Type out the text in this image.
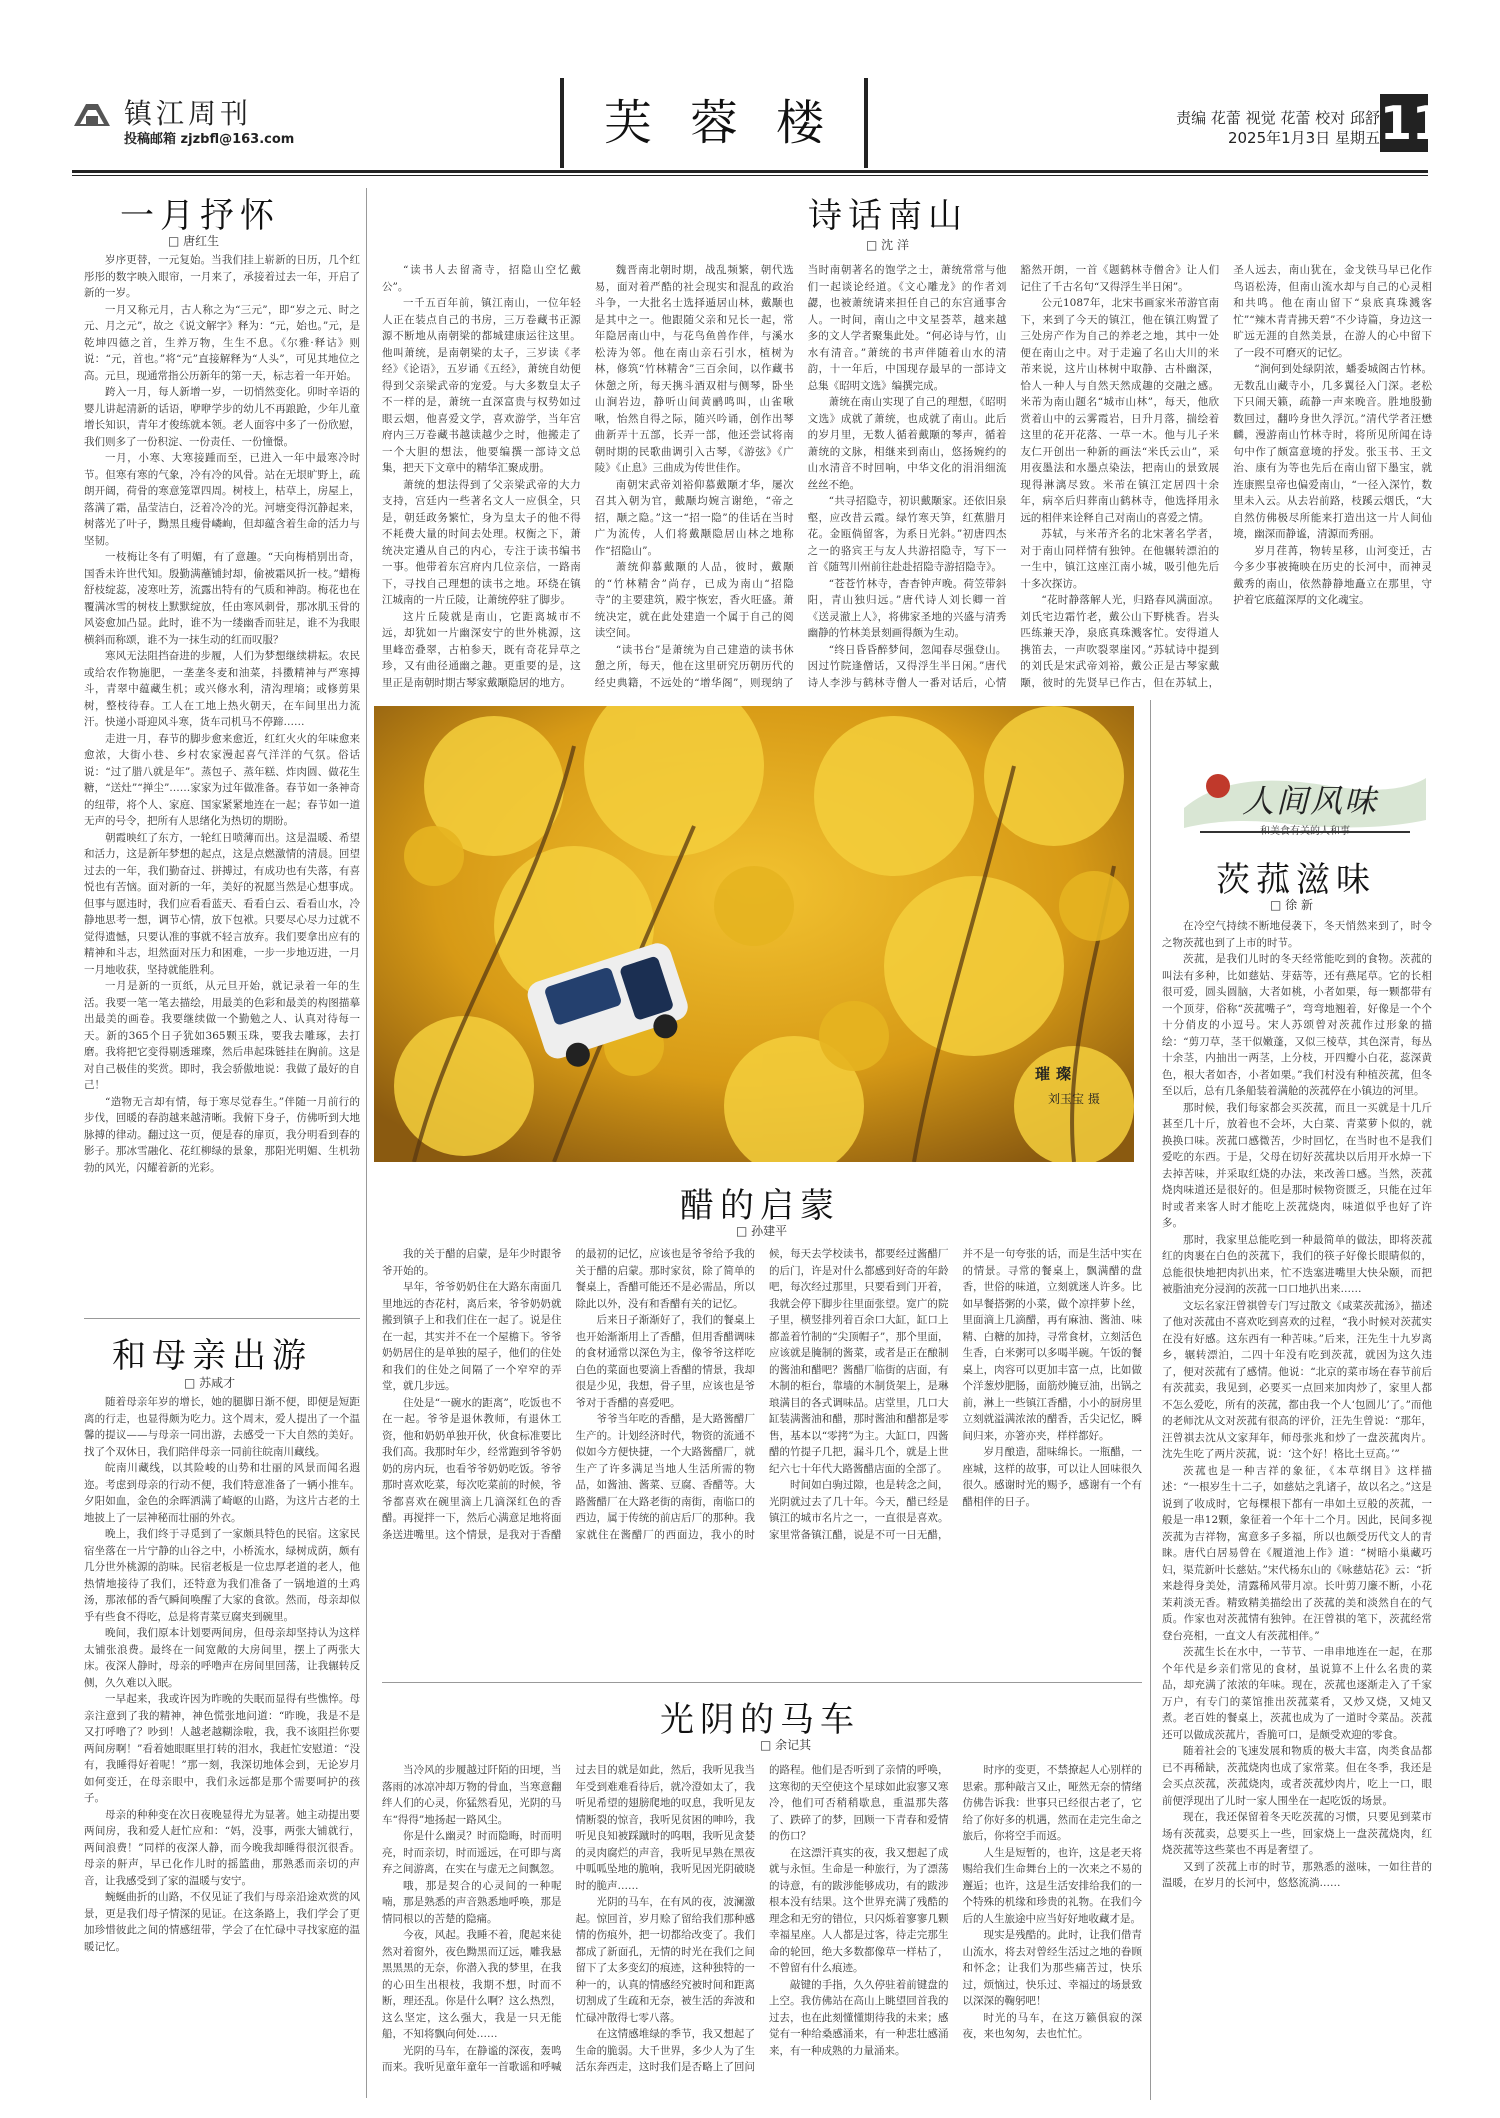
镇江周刊
投稿邮箱 zjzbfl@163.com	芙蓉楼	责编 花蕾 视觉 花蕾 校对 邱舒
2025年1月3日 星期五 11
一月抒怀
□ 唐红生

岁序更替，一元复始。当我们挂上崭新的日历，几个红彤彤的数字映入眼帘，一月来了，承接着过去一年，开启了新的一岁。

一月又称元月，古人称之为“三元”，即“岁之元、时之元、月之元”，故之《说文解字》释为：“元，始也。”元，是乾坤四德之首，生养万物，生生不息。《尔雅·释诂》则说：“元，首也。”将“元”直接解释为“人头”，可见其地位之高。元旦，现通常指公历新年的第一天，标志着一年开始。

跨入一月，每人新增一岁，一切悄然变化。卯时辛语的婴儿讲起清新的话语，咿咿学步的幼儿不再踉跄，少年儿童增长知识，青年才俊练就本领。老人面容中多了一份欣慰，我们则多了一份积淀、一份责任、一份憧憬。

一月，小寒、大寒接踵而至，已进入一年中最寒冷时节。但寒有寒的气象，冷有冷的风骨。站在无垠旷野上，疏朗开阔，荷骨的寒意笼罩四周。树枝上，枯草上，房屋上，落满了霜，晶莹洁白，泛着冷冷的光。河塘变得沉静起来，树落光了叶子，黝黑且瘦骨嶙峋，但却蕴含着生命的活力与坚韧。

一枝梅让冬有了明媚，有了意趣。“天向梅梢别出奇，国香未许世代知。殷勤满蘸铺封却，偷被霜风折一枝。”蜡梅舒枝绽蕊，凌寒吐芳，流露出特有的气质和神韵。梅花也在覆满冰雪的树枝上默默绽放，任由寒风刺骨，那冰肌玉骨的风姿愈加凸显。此时，谁不为一缕幽香而驻足，谁不为我眼横斜而称颂，谁不为一抹生动的红而叹服？

寒风无法阻挡奋进的步履，人们为梦想继续耕耘。农民或给农作物施肥，一垄垄冬麦和油菜，抖擞精神与严寒搏斗，青翠中蕴藏生机；或兴修水利，清沟理墒；或修剪果树，整枝待春。工人在工地上热火朝天，在车间里出力流汗。快递小哥迎风斗寒，货车司机马不停蹄……

走进一月，春节的脚步愈来愈近，红红火火的年味愈来愈浓，大街小巷、乡村农家漫起喜气洋洋的气氛。俗话说：“过了腊八就是年”。蒸包子、蒸年糕、炸肉圆、做花生糖，“送灶”“掸尘”……家家为过年做准备。春节如一条神奇的纽带，将个人、家庭、国家紧紧地连在一起；春节如一道无声的号令，把所有人思绪化为热切的期盼。

朝霞映红了东方，一轮红日喷薄而出。这是温暖、希望和活力，这是新年梦想的起点，这是点燃激情的清晨。回望过去的一年，我们勤奋过、拼搏过，有成功也有失落，有喜悦也有苦恼。面对新的一年，美好的祝愿当然是心想事成。但事与愿违时，我们应看看蓝天、看看白云、看看山水，冷静地思考一想，调节心情，放下包袱。只要尽心尽力过就不觉得遗憾，只要认准的事就不轻言放弃。我们要拿出应有的精神和斗志，坦然面对压力和困难，一步一步地迈进，一月一月地收获，坚持就能胜利。

一月是新的一页纸，从元旦开始，就记录着一年的生活。我要一笔一笔去描绘，用最美的色彩和最美的构图描摹出最美的画卷。我要继续做一个勤勉之人、认真对待每一天。新的365个日子犹如365颗玉珠，要我去雕琢，去打磨。我将把它变得剔透璀璨，然后串起珠链挂在胸前。这是对自己极佳的奖赏。即时，我会骄傲地说：我做了最好的自己！

“造物无言却有情，每于寒尽觉春生。”伴随一月前行的步伐，回暖的春韵越来越清晰。我俯下身子，仿佛听到大地脉搏的律动。翻过这一页，便是春的扉页，我分明看到春的影子。那冰雪融化、花红柳绿的景象，那阳光明媚、生机勃勃的风光，闪耀着新的光彩。

和母亲出游
□ 苏咸才

随着母亲年岁的增长，她的腿脚日渐不便，即便是短距离的行走，也显得颇为吃力。这个周末，爱人提出了一个温馨的提议——与母亲一同出游，去感受一下大自然的美好。找了个双休日，我们陪伴母亲一同前往皖南川藏线。

皖南川藏线，以其险峻的山势和壮丽的风景而闻名遐迩。考虑到母亲的行动不便，我们特意准备了一辆小推车。夕阳如血，金色的余晖洒满了崎岖的山路，为这片古老的土地披上了一层神秘而壮丽的外衣。

晚上，我们终于寻觅到了一家颇具特色的民宿。这家民宿坐落在一片宁静的山谷之中，小桥流水，绿树成荫，颇有几分世外桃源的韵味。民宿老板是一位忠厚老道的老人，他热情地接待了我们，还特意为我们准备了一锅地道的土鸡汤，那浓郁的香气瞬间唤醒了大家的食欲。然而，母亲却似乎有些食不得吃，总是将青菜豆腐夹到碗里。

晚间，我们原本计划要两间房，但母亲却坚持认为这样太铺张浪费。最终在一间宽敞的大房间里，摆上了两张大床。夜深人静时，母亲的呼噜声在房间里回荡，让我辗转反侧，久久难以入眠。

一早起来，我或许因为昨晚的失眠而显得有些憔悴。母亲注意到了我的精神，神色慌张地问道：“昨晚，我是不是又打呼噜了？吵到！人越老越糊涂啦，我，我不该阻拦你要两间房啊！”看着她眼眶里打转的泪水，我赶忙安慰道：“没有，我睡得好着呢！”那一刻，我深切地体会到，无论岁月如何变迁，在母亲眼中，我们永远都是那个需要呵护的孩子。

母亲的种种变在次日夜晚显得尤为显著。她主动提出要两间房，我和爱人赶忙应和：“妈，没事，两张大铺就行，两间浪费！”同样的夜深人静，而今晚我却睡得很沉很香。母亲的鼾声，早已化作儿时的摇篮曲，那熟悉而亲切的声音，让我感受到了家的温暖与安宁。

蜿蜒曲折的山路，不仅见证了我们与母亲沿途欢赏的风景，更是我们母子情深的见证。在这条路上，我们学会了更加珍惜彼此之间的情感纽带，学会了在忙碌中寻找家庭的温暖记忆。

诗话南山
□ 沈 洋

“读书人去留斋寺，招隐山空忆戴公”。

一千五百年前，镇江南山，一位年轻人正在装点自己的书房，三万卷藏书正源源不断地从南朝梁的都城建康运往这里。他叫萧统，是南朝梁的太子，三岁读《孝经》《论语》，五岁诵《五经》，萧统自幼便得到父亲梁武帝的宠爱。与大多数皇太子不一样的是，萧统一直深富贵与权势如过眼云烟，他喜爱文学，喜欢游学，当年宫府内三万卷藏书越读越少之时，他搬走了一个大胆的想法，他要编撰一部诗文总集，把天下文章中的精华汇聚成册。

萧统的想法得到了父亲梁武帝的大力支持，宫廷内一些著名文人一应俱全，只是，朝廷政务繁忙，身为皇太子的他不得不耗费大量的时间去处理。权衡之下，萧统决定遴从自己的内心，专注于读书编书一事。他带着东宫府内几位亲信，一路南下，寻找自己理想的读书之地。环绕在镇江城南的一片丘陵，让萧统停驻了脚步。

这片丘陵就是南山，它距离城市不远，却犹如一片幽深安宁的世外桃源，这里峰峦叠翠，古柏参天，既有奇花异草之珍，又有曲径通幽之趣。更重要的是，这里正是南朝时期古琴家戴颙隐居的地方。

魏晋南北朝时期，战乱频繁，朝代选易，面对着严酷的社会现实和混乱的政治斗争，一大批名士选择遁居山林，戴颙也是其中之一。他跟随父亲和兄长一起，常年隐居南山中，与花鸟鱼兽作伴，与溪水松涛为邻。他在南山亲石引水，植树为林，修筑“竹林精舍”三百余间，以作藏书休憩之所，每天携斗酒双柑与侧琴，卧坐山涧岩边，静听山间黄鹂鸣叫，山雀啾啾，怡然自得之际，随兴吟诵，创作出琴曲新弄十五部，长弄一部，他还尝试将南朝时期的民歌曲调引入古琴，《游弦》《广陵》《止息》三曲成为传世佳作。

南朝宋武帝刘裕仰慕戴颙才华，屡次召其入朝为官，戴颙均婉言谢绝，“帝之招，颙之隐。”这一“招一隐”的佳话在当时广为流传，人们将戴颙隐居山林之地称作“招隐山”。

萧统仰慕戴颙的人品，彼时，戴颙的“竹林精舍”尚存，已成为南山“招隐寺”的主要建筑，殿宇恢宏，香火旺盛。萧统决定，就在此处建造一个属于自己的阅读空间。

“读书台”是萧统为自己建造的读书休憩之所，每天，他在这里研究历朝历代的经史典籍，不远处的“增华阁”，则现纳了当时南朝著名的饱学之士，萧统常常与他们一起谈论经道。《文心雕龙》的作者刘勰，也被萧统请来担任自己的东宫通事舍人。一时间，南山之中文星荟萃，越来越多的文人学者聚集此处。“何必诗与竹，山水有清音。”萧统的书声伴随着山水的清韵，十一年后，中国现存最早的一部诗文总集《昭明文选》编撰完成。

萧统在南山实现了自己的理想，《昭明文选》成就了萧统，也成就了南山。此后的岁月里，无数人循着戴颙的琴声，循着萧统的文脉，相继来到南山，悠扬婉约的山水清音不时回响，中华文化的涓涓细流丝丝不绝。

“共寻招隐寺，初识戴颙家。还依旧泉壑，应改昔云霞。绿竹寒天笋，红蕉腊月花。金瓯倘留客，为系日光斜。”初唐四杰之一的骆宾王与友人共游招隐寺，写下一首《随驾川州前往赴赴招隐寺游招隐寺》。

“苍苍竹林寺，杳杳钟声晚。荷笠带斜阳，青山独归远。”唐代诗人刘长卿一首《送灵澈上人》，将佛家圣地的兴盛与清秀幽静的竹林美景刻画得颇为生动。

“终日昏昏醉梦间，忽闻春尽强登山。因过竹院逢僧话，又得浮生半日闲。”唐代诗人李涉与鹤林寺僧人一番对话后，心情豁然开朗，一首《题鹤林寺僧舍》让人们记住了千古名句“又得浮生半日闲”。

公元1087年，北宋书画家米芾游官南下，来到了今天的镇江，他在镇江购置了三处房产作为自己的养老之地，其中一处便在南山之中。对于走遍了名山大川的米芾来说，这片山林树中取静、古朴幽深，恰人一种人与自然天然成趣的交融之感。米芾为南山题名“城市山林”，每天，他欣赏着山中的云雾霞岩，日升月落，揣绘着这里的花开花落、一草一木。他与儿子米友仁开创出一种新的画法“米氏云山”，采用夜墨法和水墨点染法，把南山的景致展现得淋漓尽致。米芾在镇江定居四十余年，病卒后归葬南山鹤林寺，他选择用永远的相伴来诠释自己对南山的喜爱之情。

苏轼，与米芾齐名的北宋著名学者，对于南山同样情有独钟。在他辗转漂泊的一生中，镇江这座江南小城，吸引他先后十多次探访。

“花时静落解人光，归路春风满面凉。刘氏宅边霜竹老，戴公山下野桃香。岩头匹练兼天净，泉底真珠溅客忙。安得道人携笛去，一声吹裂翠崖冈。”苏轼诗中提到的刘氏是宋武帝刘裕，戴公正是古琴家戴颙，彼时的先贤早已作古，但在苏轼上，圣人远去，南山犹在，金戈铁马早已化作鸟语松涛，但南山流水却与自己的心灵相和共鸣。他在南山留下“泉底真珠溅客忙”“辣木青青拂天碧”不少诗篇，身边这一旷远无涯的自然美景，在游人的心中留下了一段不可磨灭的记忆。

“涧何到处绿阴浓，蟠委城阁古竹林。无数乱山藏寺小，几多翼径入门深。老松下只闹天籁，疏静一声来晚音。胜地殷勤数回过，翻吟身世久浮沉。”清代学者汪懋麟，漫游南山竹林寺时，将所见所闻在诗句中作了颇富意境的抒发。张玉书、王文治、康有为等也先后在南山留下墨宝，就连康熙皇帝也偏爱南山，“一径入深竹，数里未入云。从去岩前路，枝蹊云烟氏，“大自然仿佛极尽所能来打造出这一片人间仙境，幽深而静谧，清源而秀丽。

岁月荏苒，物转星移，山河变迁，古今多少事被掩映在历史的长河中，而神灵戴秀的南山，依然静静地矗立在那里，守护着它底蕴深厚的文化魂宝。

璀璨
刘玉宝 摄
人间风味
和美食有关的人和事
茨菰滋味
□ 徐 新

在冷空气持续不断地侵袭下，冬天悄然来到了，时令之物茨菰也到了上市的时节。

茨菰，是我们儿时的冬天经常能吃到的食物。茨菰的叫法有多种，比如慈姑、芽菇等，还有燕尾草。它的长相很可爱，圆头圆脑，大者如桃，小者如栗，每一颗都带有一个顶芽，俗称“茨菰嘴子”，弯弯地翘着，好像是一个个十分俏皮的小逗号。宋人苏颂曾对茨菰作过形象的描绘：“剪刀草，茎干似嫩蓬，又似三棱草，其色深青，每丛十余茎，内抽出一两茎，上分枝，开四瓣小白花，蕊深黄色，根大者如杏，小者如栗。”我们村没有种植茨菰，但冬至以后，总有几条船装着满舱的茨菰停在小镇边的河里。

那时候，我们每家都会买茨菰，而且一买就是十几斤甚至几十斤，放着也不会坏，大白菜、青菜萝卜似的，就换换口味。茨菰口感微苦，少时回忆，在当时也不是我们爱吃的东西。于是，父母在切好茨菰块以后用开水焯一下去掉苦味，并采取红烧的办法，来改善口感。当然，茨菰烧肉味道还是很好的。但是那时候物资匮乏，只能在过年时或者来客人时才能吃上茨菰烧肉，味道似乎也好了许多。

那时，我家里总能吃到一种最简单的做法，即将茨菰红的肉裹在白色的茨菰下，我们的筷子好像长眼睛似的，总能很快地把肉扒出来，忙不迭塞进嘴里大快朵颐，而把被脂油充分浸润的茨菰一口口地扒出来……

文坛名家汪曾祺曾专门写过散文《咸菜茨菰汤》，描述了他对茨菰由不喜欢吃到喜欢的过程，“我小时候对茨菰实在没有好感。这东西有一种苦味。”后来，汪先生十九岁离乡，辗转漂泊，二四十年没有吃到茨菰，就因为这久违了，便对茨菰有了感情。他说：“北京的菜市场在春节前后有茨菰卖，我见到，必要买一点回来加肉炒了，家里人都不怎么爱吃，所有的茨菰，都由我一个人‘包圆儿’了。”而他的老师沈从文对茨菰有很高的评价，汪先生曾说：“那年，汪曾祺去沈从文家拜年，师母张兆和炒了一盘茨菰肉片。沈先生吃了两片茨菰，说：‘这个好！格比土豆高。’”

茨菰也是一种吉祥的象征，《本草纲目》这样描述：“一根岁生十二子，如慈姑之乳诸子，故以名之。”这是说到了收成时，它每棵根下都有一串如土豆般的茨菰，一般是一串12颗，象征着一个年十二个月。因此，民间多视茨菰为吉祥物，寓意多子多福，所以也颇受历代文人的青睐。唐代白居易曾在《履道池上作》道：“树暗小巢藏巧妇，渠荒新叶长慈姑。”宋代杨东山的《咏慈姑花》云：“折来趁得身美处，清露稀风带月凉。长叶剪刀廉不断，小花茉莉淡无香。精致精美描绘出了茨菰的美和淡然自在的气质。作家也对茨菰情有独钟。在汪曾祺的笔下，茨菰经常登台亮相，一直文人有茨菰相伴。”

茨菰生长在水中，一节节、一串串地连在一起，在那个年代是乡亲们常见的食材，虽说算不上什么名贵的菜品，却充满了浓浓的年味。现在，茨菰也逐渐走入了千家万户，有专门的菜馆推出茨菰菜肴，又炒又烧，又炖又煮。老百姓的餐桌上，茨菰也成为了一道时令菜品。茨菰还可以做成茨菰片，香脆可口，是颇受欢迎的零食。

随着社会的飞速发展和物质的极大丰富，肉类食品都已不再稀缺，茨菰烧肉也成了家常菜。但在冬季，我还是会买点茨菰，茨菰烧肉，或者茨菰炒肉片，吃上一口，眼前便浮现出了儿时一家人围坐在一起吃饭的场景。

现在，我还保留着冬天吃茨菰的习惯，只要见到菜市场有茨菰卖，总要买上一些，回家烧上一盘茨菰烧肉，红烧茨菰等这些菜也不再是奢望了。

又到了茨菰上市的时节，那熟悉的滋味，一如往昔的温暖，在岁月的长河中，悠悠流淌……

醋的启蒙
□ 孙建平

我的关于醋的启蒙，是年少时跟爷爷开始的。

早年，爷爷奶奶住在大路东南面几里地远的杏花村，离后来，爷爷奶奶就搬到镇子上和我们住在一起了。说是住在一起，其实并不在一个屋檐下。爷爷奶奶居住的是单独的屋子，他们的住处和我们的住处之间隔了一个窄窄的弄堂，就几步远。

住处是“一碗水的距离”，吃饭也不在一起。爷爷是退休教师，有退休工资，他和奶奶单独开伙，伙食标准要比我们高。我那时年少，经常跑到爷爷奶奶的房内玩，也看爷爷奶奶吃饭。爷爷那时喜欢吃菜，每次吃菜前的时候，爷爷都喜欢在碗里滴上几滴深红色的香醋。再搅拌一下，然后心满意足地将面条送进嘴里。这个情景，是我对于香醋的最初的记忆，应该也是爷爷给予我的关于醋的启蒙。那时家贫，除了简单的餐桌上，香醋可能还不是必需品，所以除此以外，没有和香醋有关的记忆。

后来日子渐渐好了，我们的餐桌上也开始渐渐用上了香醋，但用香醋调味的食材通常以深色为主，像爷爷这样吃白色的菜面也要滴上香醋的情景，我却很是少见，我想，骨子里，应该也是爷爷对于香醋的喜爱吧。

爷爷当年吃的香醋，是大路酱醋厂生产的。计划经济时代，物资的流通不似如今方便快捷，一个大路酱醋厂，就生产了许多满足当地人生活所需的物品，如酱油、酱菜、豆腐、香醋等。大路酱醋厂在大路老街的南街，南临口的西边，属于传统的前店后厂的那种。我家就住在酱醋厂的西面边，我小的时候，每天去学校读书，都要经过酱醋厂的后门，许是对什么都感到好奇的年龄吧，每次经过那里，只要看到门开着，我就会停下脚步往里面张望。宽广的院子里，横竖排列着百余口大缸，缸口上都盖着竹制的“尖顶帽子”，那个里面，应该就是腌制的酱菜，或者是正在酿制的酱油和醋吧？酱醋厂临街的店面，有木制的柜台，靠墙的木制货架上，是琳琅满目的各式调味品。店堂里，几口大缸装满酱油和醋，那时酱油和醋都是零售，基本以“零拷”为主。大缸口，四酱醋的竹提子几把，漏斗几个，就是上世纪六七十年代大路酱醋店面的全部了。

时间如白驹过隙，也是转念之间，光阴就过去了几十年。今天，醋已经是镇江的城市名片之一，一直很是喜欢。家里常备镇江醋，说是不可一日无醋，并不是一句夸张的话，而是生活中实在的情景。寻常的餐桌上，飘满醋的盘香，世俗的味道，立刻就迷人许多。比如早餐搭粥的小菜，做个凉拌萝卜丝，里面滴上几滴醋，再有麻油、酱油、味精、白糖的加持，寻常食材，立刻活色生香，白米粥可以多喝半碗。午饭的餐桌上，肉容可以更加丰富一点，比如做个洋葱炒肥肠，面筋炒腌豆油，出锅之前，淋上一些镇江香醋，小小的厨房里立刻就溢满浓浓的醋香，舌尖记忆，瞬间归来，亦箸亦夹，样样都好。

岁月酿造，甜味绵长。一瓶醋，一座城，这样的故事，可以让人回味很久很久。感谢时光的赐予，感谢有一个有醋相伴的日子。

光阴的马车
□ 余记其

当冷风的步履越过阡陌的田埂，当落雨的冰凉冲却万物的骨血，当寒意翻绊人们的心灵，你猛然看见，光阴的马车“得得”地扬起一路风尘。

你是什么幽灵？时而隐晦，时而明亮，时而亲切，时而遥远，在可即与离弃之间游离，在实在与虚无之间飘忽。

哦，那是契合的心灵间的一种呢喃，那是熟悉的声音熟悉地呼唤，那是情同根以的苦楚的隐痛。

今夜，风起。我睡不着，爬起来徒然对着窗外，夜色黝黑而辽远，雕我悬黑黑黑的无奈，你潜入我的梦里，在我的心田生出根枝，我期不想，时而不断，理还乱。你是什么啊？这么热烈，这么坚定，这么强大，我是一只无能船，不知将飘向何处……

光阴的马车，在静谧的深夜，轰鸣而来。我听见童年童年一首歌谣和呼喊过去目的就是如此，然后，我听见我当年受到难难看待后，就冷澄如太了，我听见希望的翅膀爬地的叹息，我听见友情断裂的惊音，我听见贫困的呻吟，我听见良知被踩蹴时的呜咽，我听见贪婪的灵肉腐烂的声音，我听见早熟在黑夜中呱呱坠地的脆响，我听见因光阴破晓时的脆声……

光阴的马车，在有风的夜，波澜激起。惊回首，岁月赊了留给我们那种感情的伤痕外，把一切都给改变了。我们都成了新面孔，无情的时光在我们之间留下了太多变幻的痕迹，这种独特的一种一的，认真的情感经究被时间和距离切割成了生疏和无奈，被生活的奔波和忙碌冲散得七零八落。

在这情感堆绿的季节，我又想起了生命的脆弱。大千世界，多少人为了生活东奔西走，这时我们是否略上了回问的路程。他们是否听到了亲情的呼唤，这寒彻的天空使这个星球如此寂寥又寒冷，他们可否稍稍歇息，重温那失落了、跌碎了的梦，回顾一下青春和爱情的伤口？

在这漂汗真实的夜，我又想起了成就与永恒。生命是一种旅行，为了漂荡的诗意，有的跋涉能够成功，有的跋涉根本没有结果。这个世界充满了残酷的理念和无穷的错位，只闪烁着寥寥几颗幸福星座。人人都是过客，待走完那生命的轮回，绝大多数都像草一样枯了，不曾留有什么痕迹。

敲键的手指，久久停驻着前键盘的上空。我仿佛站在高山上眺望回首我的过去，也在此刻懂懂期待我的未来；感觉有一种给桑感涌来，有一种悲壮感涌来，有一种成熟的力量涌来。

时序的变更，不禁撩起人心别样的思索。那种敲言又止，哑然无奈的情绪仿佛告诉我：世事只已经很古老了，它给了你好多的机遇，然而在走完生命之旅后，你将空手而返。

人生是短暂的，也许，这是老天将赐给我们生命舞台上的一次来之不易的邂逅；也许，这是生活安排给我们的一个特殊的机缘和珍贵的礼物。在我们今后的人生旅途中应当好好地收藏才是。

现实是残酷的。此时，让我们借青山流水，将去对曾经生活过之地的眷顾和怀念；让我们为那些痛苦过，快乐过，烦恼过，快乐过、幸福过的场景致以深深的鞠躬吧！

时光的马车，在这万籁俱寂的深夜，来也匆匆，去也忙忙。
